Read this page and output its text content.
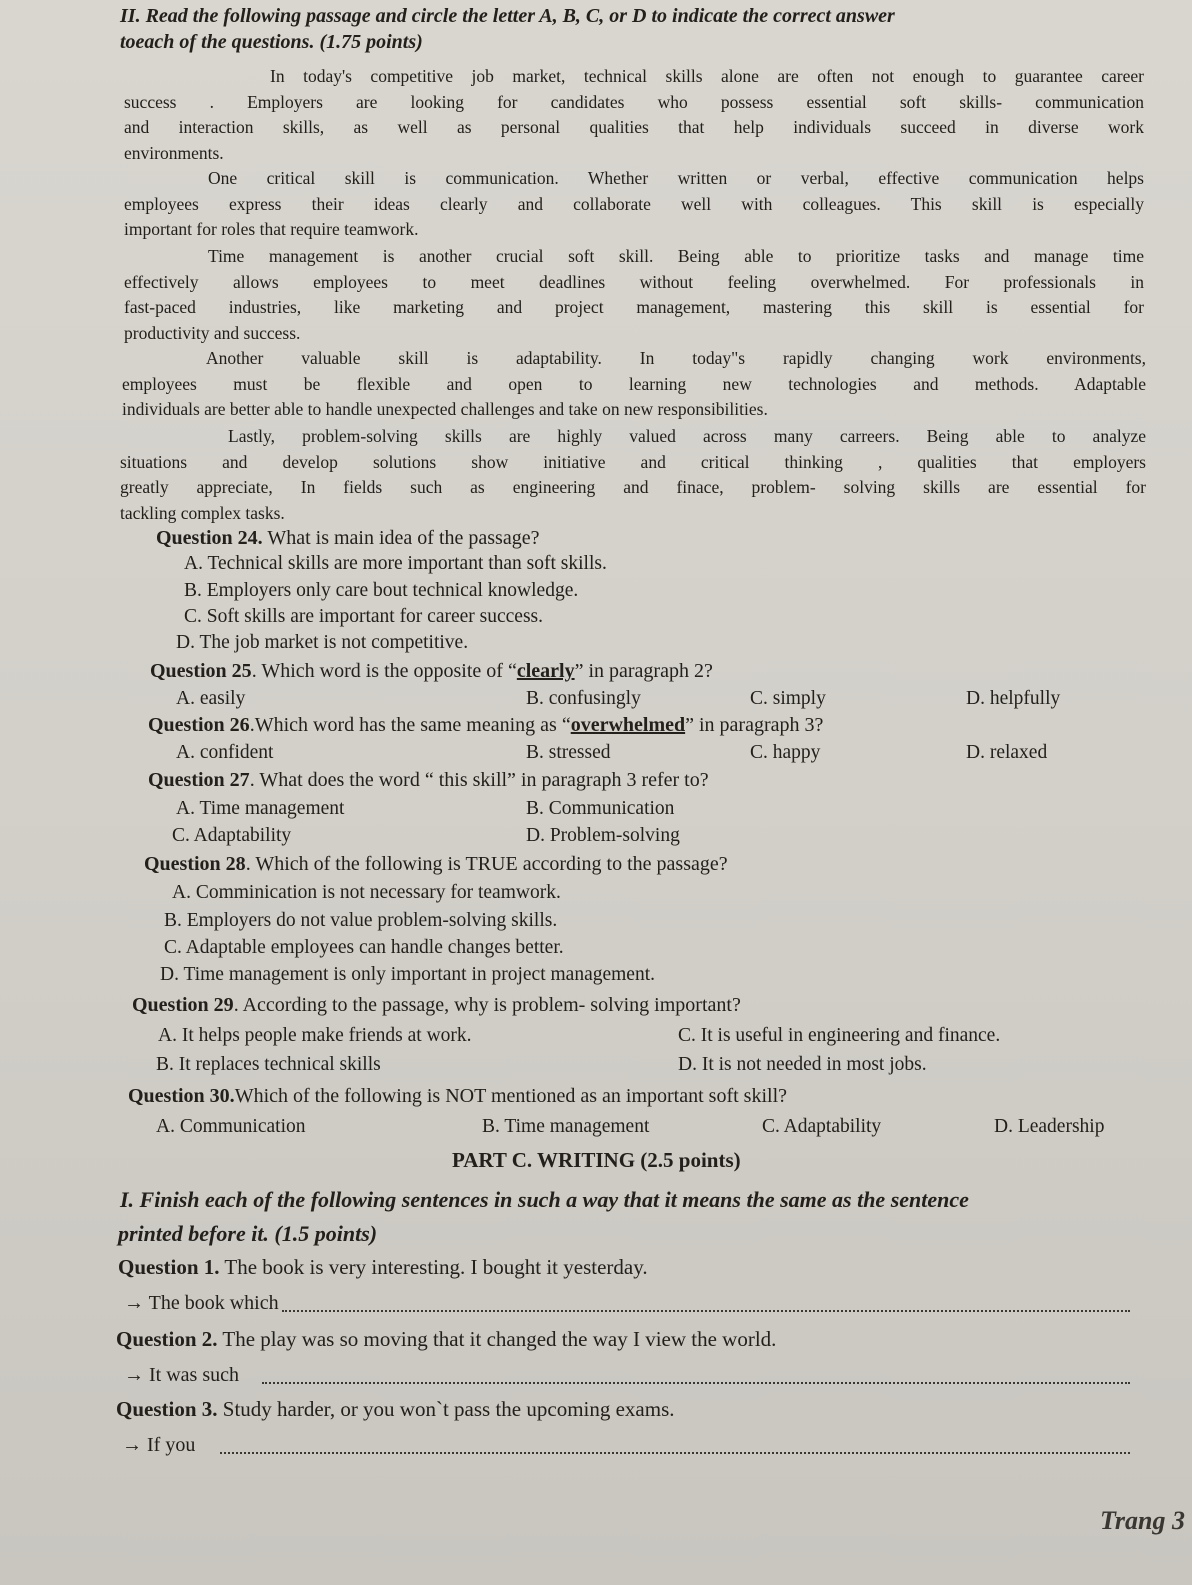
II. Read the following passage and circle the letter A, B, C, or D to indicate the correct answer
toeach of the questions. (1.75 points)
In today's competitive job market, technical skills alone are often not enough to guarantee career
success . Employers are looking for candidates who possess essential soft skills- communication
and interaction skills, as well as personal qualities that help individuals succeed in diverse work
environments.
One critical skill is communication. Whether written or verbal, effective communication helps
employees express their ideas clearly and collaborate well with colleagues. This skill is especially
important for roles that require teamwork.
Time management is another crucial soft skill. Being able to prioritize tasks and manage time
effectively allows employees to meet deadlines without feeling overwhelmed. For professionals in
fast-paced industries, like marketing and project management, mastering this skill is essential for
productivity and success.
Another valuable skill is adaptability. In today"s rapidly changing work environments,
employees must be flexible and open to learning new technologies and methods. Adaptable
individuals are better able to handle unexpected challenges and take on new responsibilities.
Lastly, problem-solving skills are highly valued across many carreers. Being able to analyze
situations and develop solutions show initiative and critical thinking , qualities that employers
greatly appreciate, In fields such as engineering and finace, problem- solving skills are essential for
tackling complex tasks.
Question 24. What is main idea of the passage?
A. Technical skills are more important than soft skills.
B. Employers only care bout technical knowledge.
C. Soft skills are important for career success.
D. The job market is not competitive.
Question 25. Which word is the opposite of “clearly” in paragraph 2?
A. easily	B. confusingly	C. simply	D. helpfully
Question 26.Which word has the same meaning as “overwhelmed” in paragraph 3?
A. confident	B. stressed	C. happy	D. relaxed
Question 27. What does the word “ this skill” in paragraph 3 refer to?
A. Time management	B. Communication
C. Adaptability	D. Problem-solving
Question 28. Which of the following is TRUE according to the passage?
A. Comminication is not necessary for teamwork.
B. Employers do not value problem-solving skills.
C. Adaptable employees can handle changes better.
D. Time management is only important in project management.
Question 29. According to the passage, why is problem- solving important?
A. It helps people make friends at work.	C. It is useful in engineering and finance.
B. It replaces technical skills	D. It is not needed in most jobs.
Question 30.Which of the following is NOT mentioned as an important soft skill?
A. Communication	B. Time management	C. Adaptability	D. Leadership
PART C. WRITING (2.5 points)
I. Finish each of the following sentences in such a way that it means the same as the sentence
printed before it. (1.5 points)
Question 1. The book is very interesting. I bought it yesterday.
→ The book which
Question 2. The play was so moving that it changed the way I view the world.
→ It was such
Question 3. Study harder, or you won`t pass the upcoming exams.
→ If you
Trang 3
